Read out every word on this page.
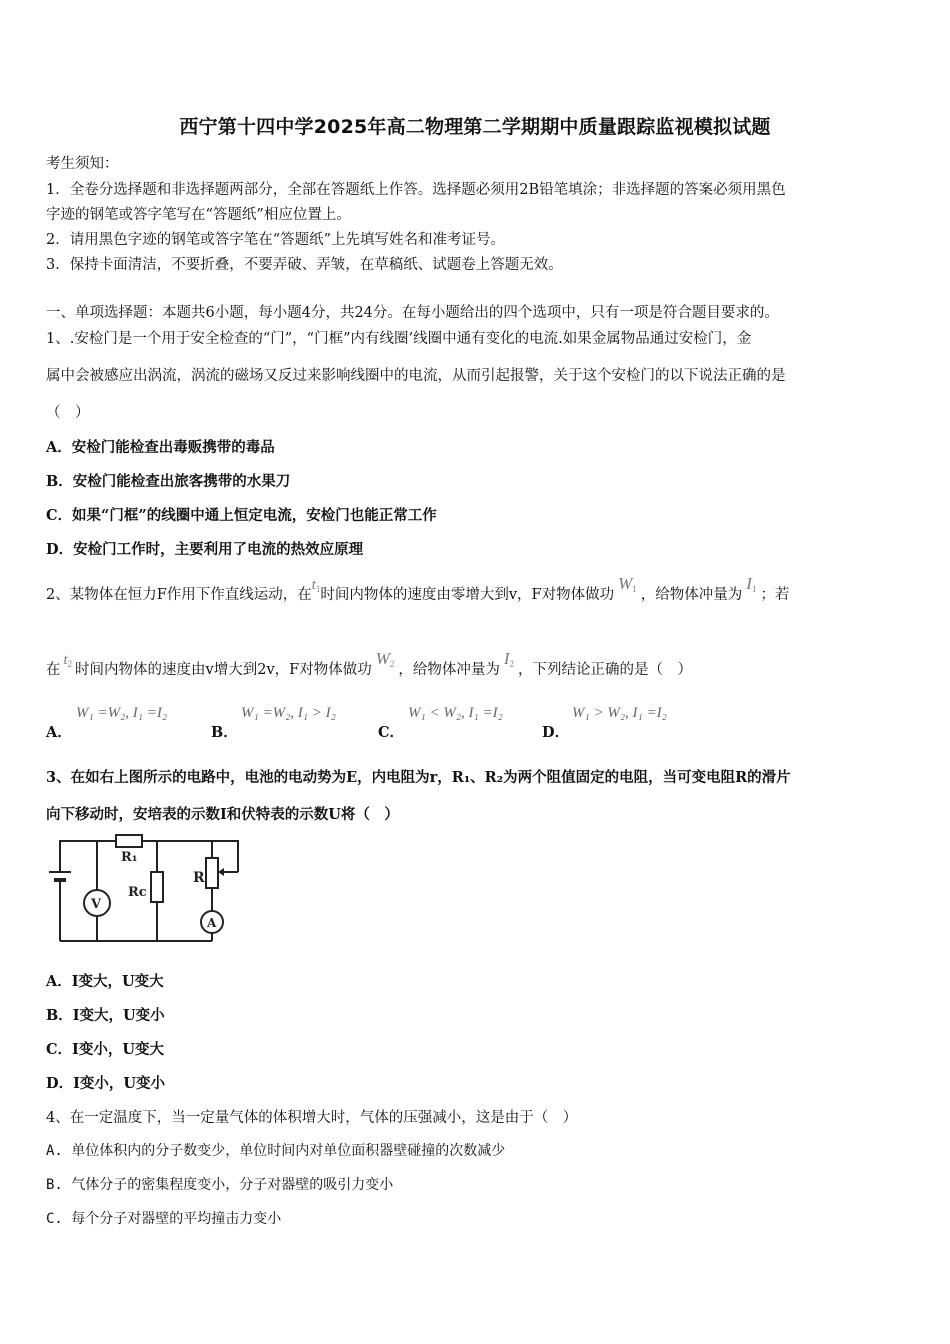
西宁第十四中学2025年高二物理第二学期期中质量跟踪监视模拟试题
考生须知：
1．全卷分选择题和非选择题两部分，全部在答题纸上作答。选择题必须用2B铅笔填涂；非选择题的答案必须用黑色
字迹的钢笔或答字笔写在“答题纸”相应位置上。
2．请用黑色字迹的钢笔或答字笔在“答题纸”上先填写姓名和准考证号。
3．保持卡面清洁，不要折叠，不要弄破、弄皱，在草稿纸、试题卷上答题无效。
一、单项选择题：本题共6小题，每小题4分，共24分。在每小题给出的四个选项中，只有一项是符合题目要求的。
1、.安检门是一个用于安全检查的“门”，“门框”内有线圈’线圈中通有变化的电流.如果金属物品通过安检门，金
属中会被感应出涡流，涡流的磁场又反过来影响线圈中的电流，从而引起报警，关于这个安检门的以下说法正确的是
（　）
A．安检门能检查出毒贩携带的毒品
B．安检门能检查出旅客携带的水果刀
C．如果“门框”的线圈中通上恒定电流，安检门也能正常工作
D．安检门工作时，主要利用了电流的热效应原理
2、某物体在恒力F作用下作直线运动，在$t_1$时间内物体的速度由零增大到v，F对物体做功$W_1$ ，给物体冲量为$I_1$ ；若
在$t_2$ 时间内物体的速度由v增大到2v，F对物体做功$W_2$ ，给物体冲量为$I_2$ ，下列结论正确的是（　）
A．
W₁ =W₂, I₁ =I₂
B．
W₁ =W₂, I₁ > I₂
C．
W₁ < W₂, I₁ =I₂
D．
W₁ > W₂, I₁ =I₂
3、在如右上图所示的电路中，电池的电动势为E，内电阻为r，R₁、R₂为两个阻值固定的电阻，当可变电阻R的滑片
向下移动时，安培表的示数I和伏特表的示数U将（　）
R₁
Rc
R
V
A
A．I变大，U变大
B．I变大，U变小
C．I变小，U变大
D．I变小，U变小
4、在一定温度下，当一定量气体的体积增大时，气体的压强减小，这是由于（　）
A. 单位体积内的分子数变少，单位时间内对单位面积器壁碰撞的次数减少
B. 气体分子的密集程度变小，分子对器壁的吸引力变小
C. 每个分子对器壁的平均撞击力变小
